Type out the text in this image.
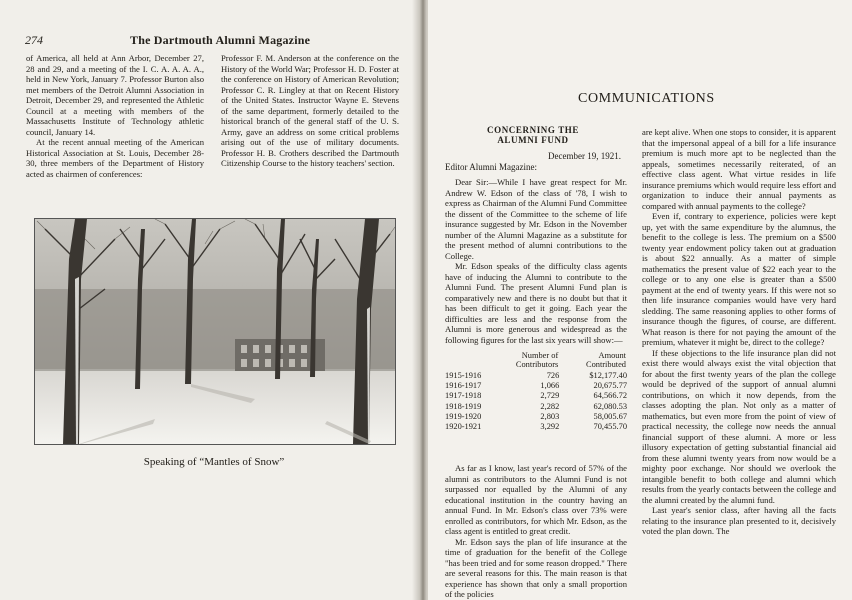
274	The Dartmouth Alumni Magazine

of America, all held at Ann Arbor, December 27, 28 and 29, and a meeting of the I. C. A. A. A. A., held in New York, January 7. Professor Burton also met members of the Detroit Alumni Association in Detroit, December 29, and represented the Athletic Council at a meeting with members of the Massachusetts Institute of Technology athletic council, January 14.

At the recent annual meeting of the American Historical Association at St. Louis, December 28-30, three members of the Department of History acted as chairmen of conferences:

Professor F. M. Anderson at the conference on the History of the World War; Professor H. D. Foster at the conference on History of American Revolution; Professor C. R. Lingley at that on Recent History of the United States. Instructor Wayne E. Stevens of the same department, formerly detailed to the historical branch of the general staff of the U. S. Army, gave an address on some critical problems arising out of the use of military documents. Professor H. B. Crothers described the Dartmouth Citizenship Course to the history teachers' section.

Speaking of “Mantles of Snow”
COMMUNICATIONS
CONCERNING THE
ALUMNI FUND
December 19, 1921.
Editor Alumni Magazine:

Dear Sir:—While I have great respect for Mr. Andrew W. Edson of the class of '78, I wish to express as Chairman of the Alumni Fund Committee the dissent of the Committee to the scheme of life insurance suggested by Mr. Edson in the November number of the Alumni Magazine as a substitute for the present method of alumni contributions to the College.

Mr. Edson speaks of the difficulty class agents have of inducing the Alumni to contribute to the Alumni Fund. The present Alumni Fund plan is comparatively new and there is no doubt but that it has been difficult to get it going. Each year the difficulties are less and the response from the Alumni is more generous and widespread as the following figures for the last six years will show:—

	Number of Contributors	Amount Contributed
1915-1916	726	$12,177.40
1916-1917	1,066	20,675.77
1917-1918	2,729	64,566.72
1918-1919	2,282	62,080.53
1919-1920	2,803	58,005.67
1920-1921	3,292	70,455.70

As far as I know, last year's record of 57% of the alumni as contributors to the Alumni Fund is not surpassed nor equalled by the Alumni of any educational institution in the country having an annual Fund. In Mr. Edson's class over 73% were enrolled as contributors, for which Mr. Edson, as the class agent is entitled to great credit.

Mr. Edson says the plan of life insurance at the time of graduation for the benefit of the College "has been tried and for some reason dropped." There are several reasons for this. The main reason is that experience has shown that only a small proportion of the policies

are kept alive. When one stops to consider, it is apparent that the impersonal appeal of a bill for a life insurance premium is much more apt to be neglected than the appeals, sometimes necessarily reiterated, of an effective class agent. What virtue resides in life insurance premiums which would require less effort and organization to induce their annual payments as compared with annual payments to the college?

Even if, contrary to experience, policies were kept up, yet with the same expenditure by the alumnus, the benefit to the college is less. The premium on a $500 twenty year endowment policy taken out at graduation is about $22 annually. As a matter of simple mathematics the present value of $22 each year to the college or to any one else is greater than a $500 payment at the end of twenty years. If this were not so then life insurance companies would have very hard sledding. The same reasoning applies to other forms of insurance though the figures, of course, are different. What reason is there for not paying the amount of the premium, whatever it might be, direct to the college?

If these objections to the life insurance plan did not exist there would always exist the vital objection that for about the first twenty years of the plan the college would be deprived of the support of annual alumni contributions, on which it now depends, from the classes adopting the plan. Not only as a matter of mathematics, but even more from the point of view of practical necessity, the college now needs the annual financial support of these alumni. A more or less illusory expectation of getting substantial financial aid from these alumni twenty years from now would be a mighty poor exchange. Nor should we overlook the intangible benefit to both college and alumni which results from the yearly contacts between the college and the alumni created by the alumni fund.

Last year's senior class, after having all the facts relating to the insurance plan presented to it, decisively voted the plan down. The
